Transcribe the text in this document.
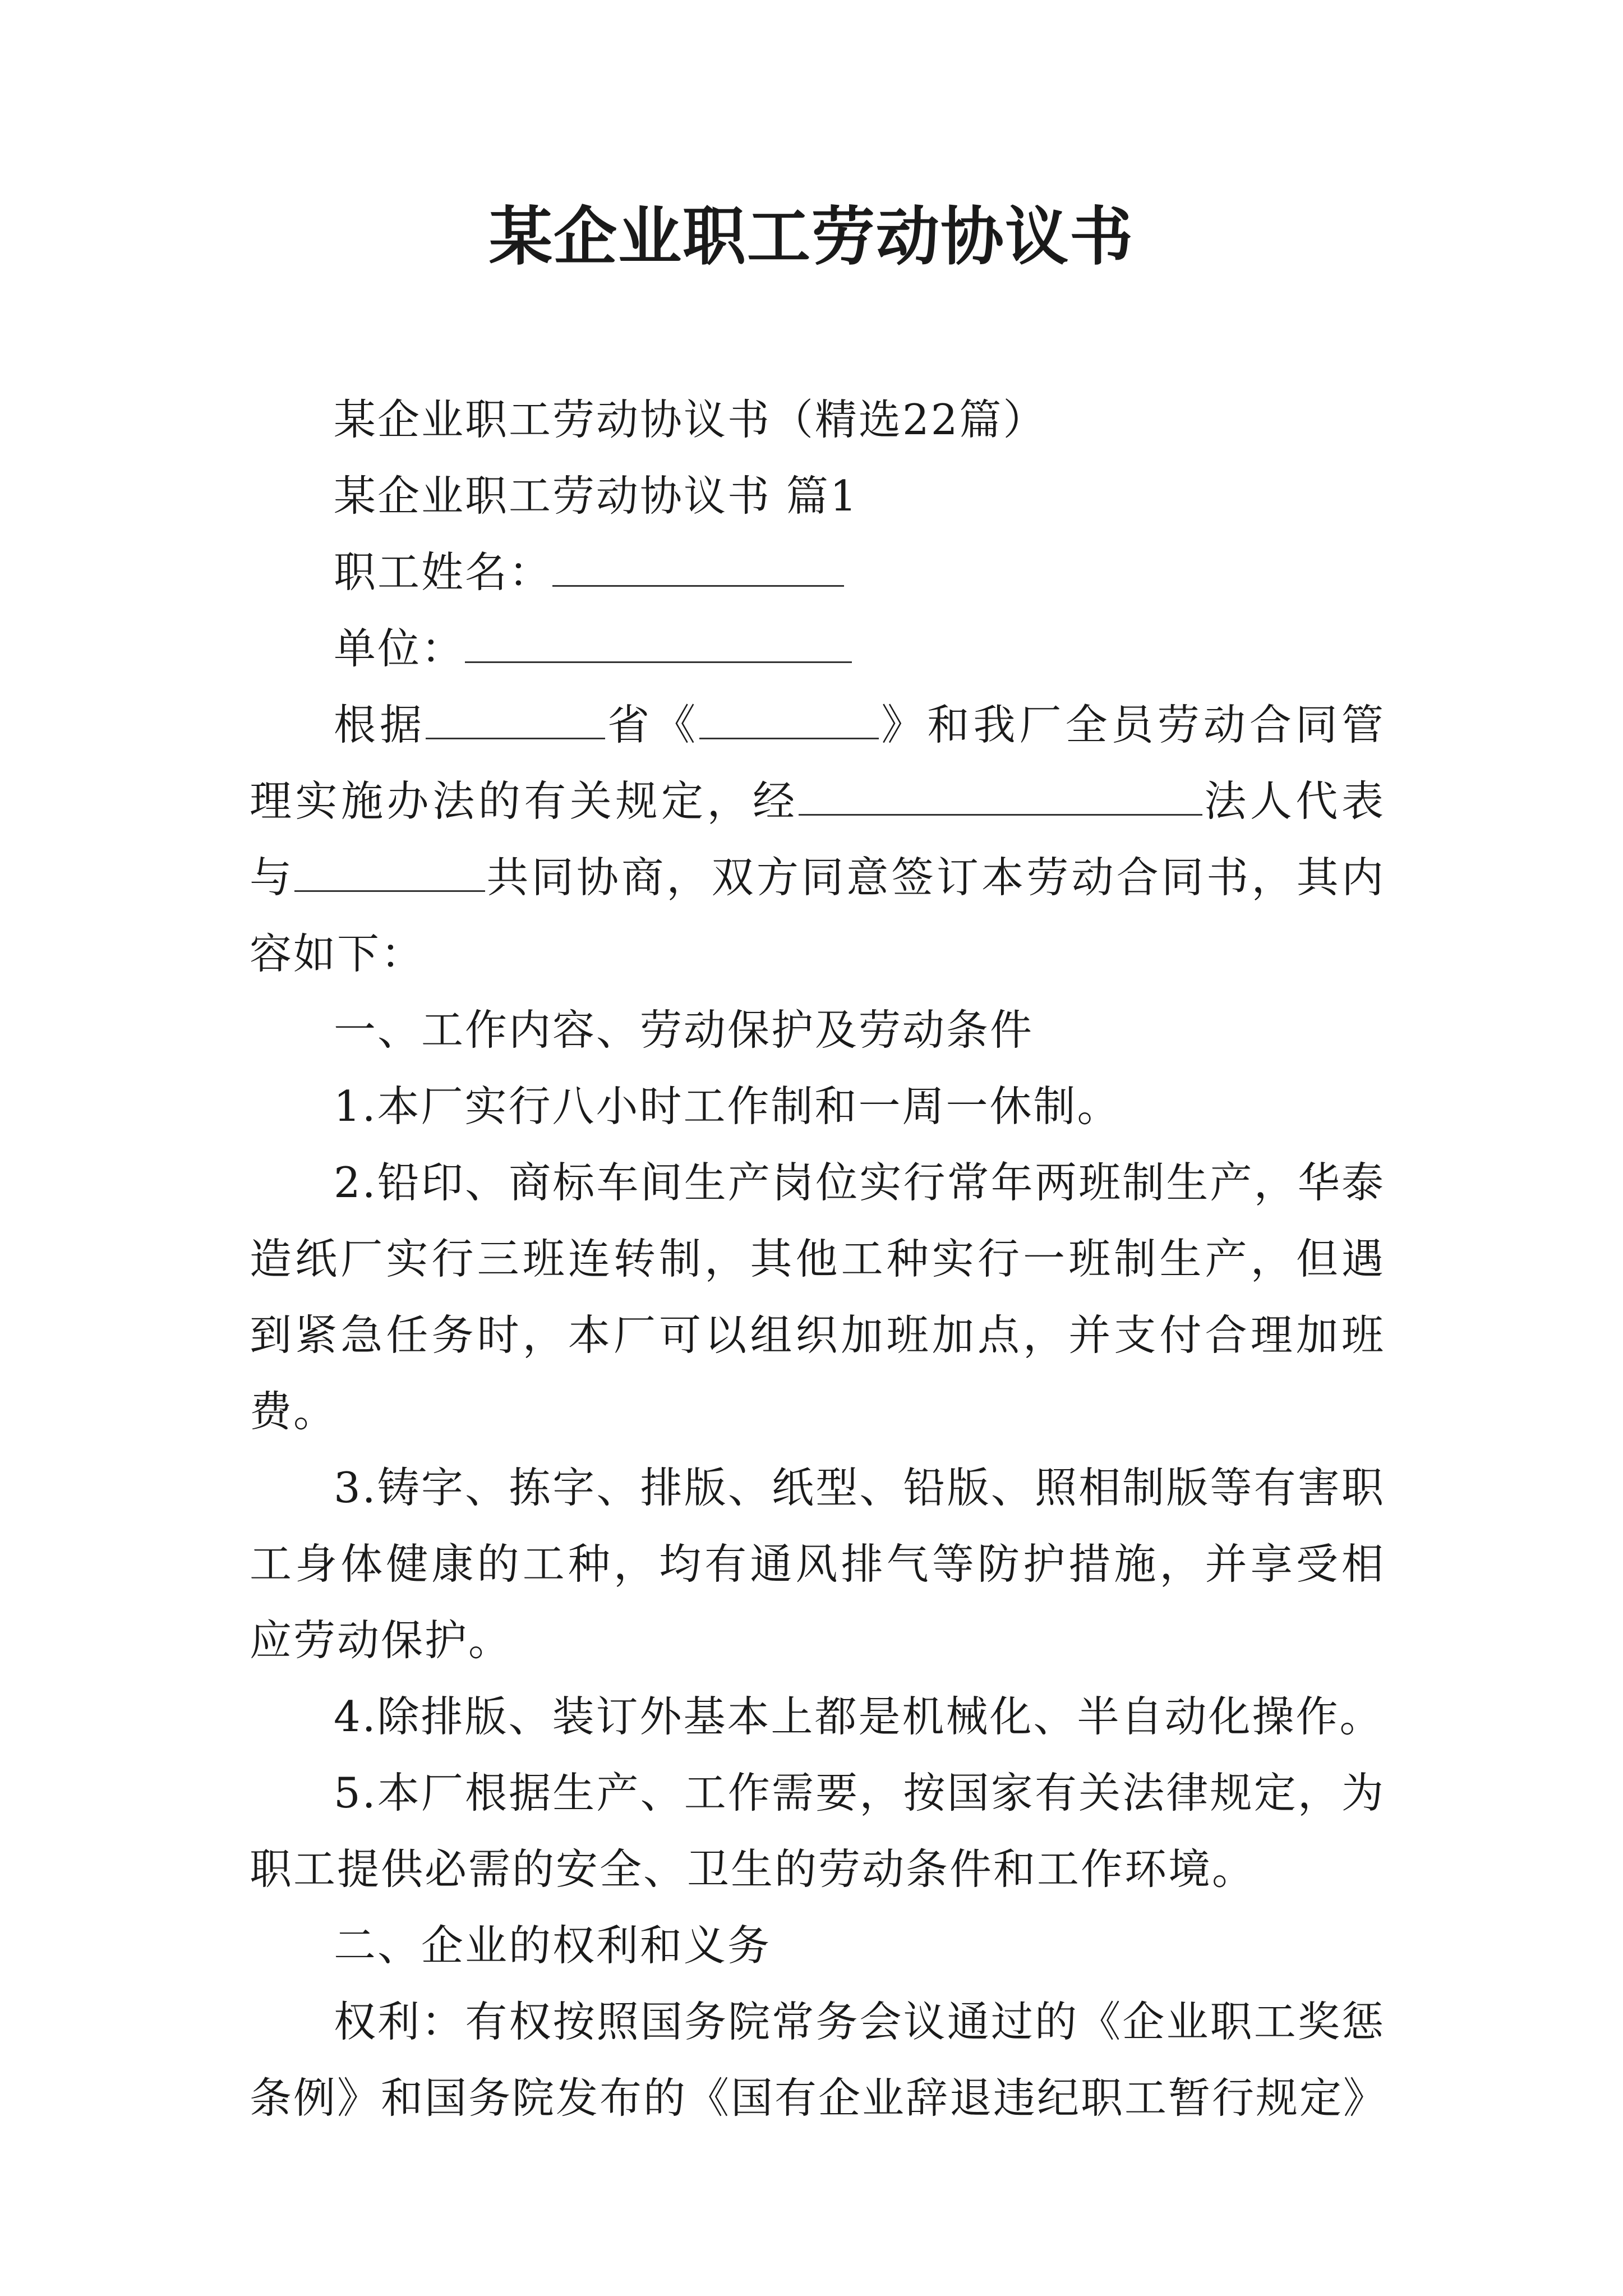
某企业职工劳动协议书

某企业职工劳动协议书（精选22篇）

某企业职工劳动协议书 篇1

职工姓名：

单位：

根据	省《	》和我厂全员劳动合同管理实施办法的有关规定，经	法人代表与	共同协商，双方同意签订本劳动合同书，其内容如下：

一、工作内容、劳动保护及劳动条件

1.本厂实行八小时工作制和一周一休制。

2.铅印、商标车间生产岗位实行常年两班制生产，华泰造纸厂实行三班连转制，其他工种实行一班制生产，但遇到紧急任务时，本厂可以组织加班加点，并支付合理加班费。

3.铸字、拣字、排版、纸型、铅版、照相制版等有害职工身体健康的工种，均有通风排气等防护措施，并享受相应劳动保护。

4.除排版、装订外基本上都是机械化、半自动化操作。

5.本厂根据生产、工作需要，按国家有关法律规定，为职工提供必需的安全、卫生的劳动条件和工作环境。

二、企业的权利和义务

权利：有权按照国务院常务会议通过的《企业职工奖惩条例》和国务院发布的《国有企业辞退违纪职工暂行规定》
